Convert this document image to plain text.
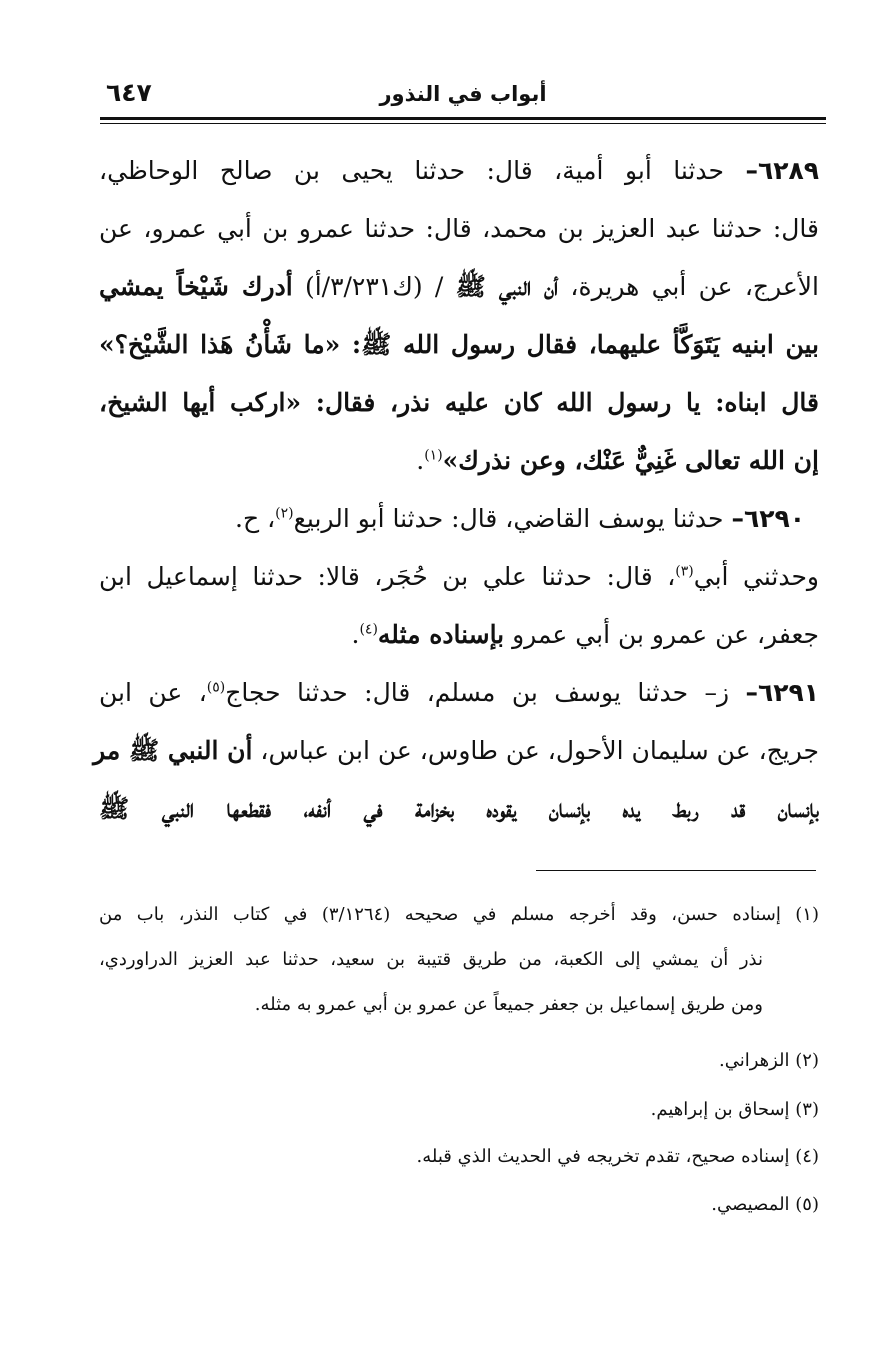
أبواب في النذور
٦٤٧
٦٢٨٩– حدثنا أبو أمية، قال: حدثنا يحيى بن صالح الوحاظي،
قال: حدثنا عبد العزيز بن محمد، قال: حدثنا عمرو بن أبي عمرو، عن
الأعرج، عن أبي هريرة، أن النبي ﷺ / (ك٣/٢٣١/أ) أدرك شَيْخاً يمشي
بين ابنيه يَتَوَكَّأ عليهما، فقال رسول الله ﷺ: «ما شَأْنُ هَذا الشَّيْخ؟»
قال ابناه: يا رسول الله كان عليه نذر، فقال: «اركب أيها الشيخ،
إن الله تعالى غَنِيٌّ عَنْك، وعن نذرك»$^{(١)}$.
٦٢٩٠– حدثنا يوسف القاضي، قال: حدثنا أبو الربيع$^{(٢)}$، ح.
وحدثني أبي$^{(٣)}$، قال: حدثنا علي بن حُجَر، قالا: حدثنا إسماعيل ابن
جعفر، عن عمرو بن أبي عمرو بإسناده مثله$^{(٤)}$.
٦٢٩١– ز– حدثنا يوسف بن مسلم، قال: حدثنا حجاج$^{(٥)}$، عن ابن
جريج، عن سليمان الأحول، عن طاوس، عن ابن عباس، أن النبي ﷺ مر
بإنسان قد ربط يده بإنسان يقوده بخزامة في أنفه، فقطعها النبي ﷺ
(١) إسناده حسن، وقد أخرجه مسلم في صحيحه (٣/١٢٦٤) في كتاب النذر، باب من
نذر أن يمشي إلى الكعبة، من طريق قتيبة بن سعيد، حدثنا عبد العزيز الدراوردي،
ومن طريق إسماعيل بن جعفر جميعاً عن عمرو بن أبي عمرو به مثله.
(٢) الزهراني.
(٣) إسحاق بن إبراهيم.
(٤) إسناده صحيح، تقدم تخريجه في الحديث الذي قبله.
(٥) المصيصي.
